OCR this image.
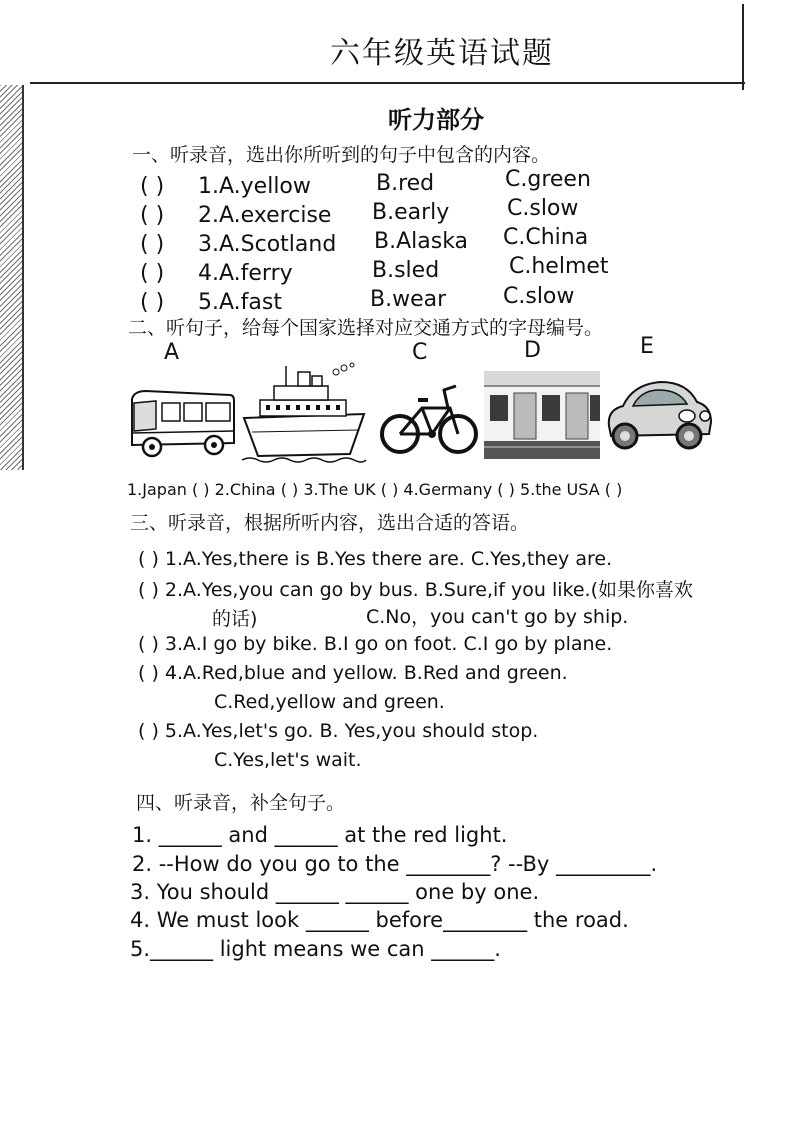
六年级英语试题
听力部分
一、听录音，选出你所听到的句子中包含的内容。
( ) 1.A.yellow	B.red	C.green
( ) 2.A.exercise B.early	C.slow
( ) 3.A.Scotland B.Alaska C.China
( ) 4.A.ferry	B.sled	C.helmet
( ) 5.A.fast	B.wear	C.slow
二、听句子，给每个国家选择对应交通方式的字母编号。
A	C	D	E
1.Japan ( ) 2.China ( ) 3.The UK ( ) 4.Germany ( ) 5.the USA ( )
三、听录音，根据所听内容，选出合适的答语。
( ) 1.A.Yes,there is B.Yes there are. C.Yes,they are.
( ) 2.A.Yes,you can go by bus. B.Sure,if you like.(如果你喜欢
的话)	C.No，you can't go by ship.
( ) 3.A.I go by bike. B.I go on foot. C.I go by plane.
( ) 4.A.Red,blue and yellow. B.Red and green.
C.Red,yellow and green.
( ) 5.A.Yes,let's go. B. Yes,you should stop.
C.Yes,let's wait.
四、听录音，补全句子。
1. ______ and ______ at the red light.
2. --How do you go to the ________? --By _________.
3. You should ______ ______ one by one.
4. We must look ______ before________ the road.
5.______ light means we can ______.
